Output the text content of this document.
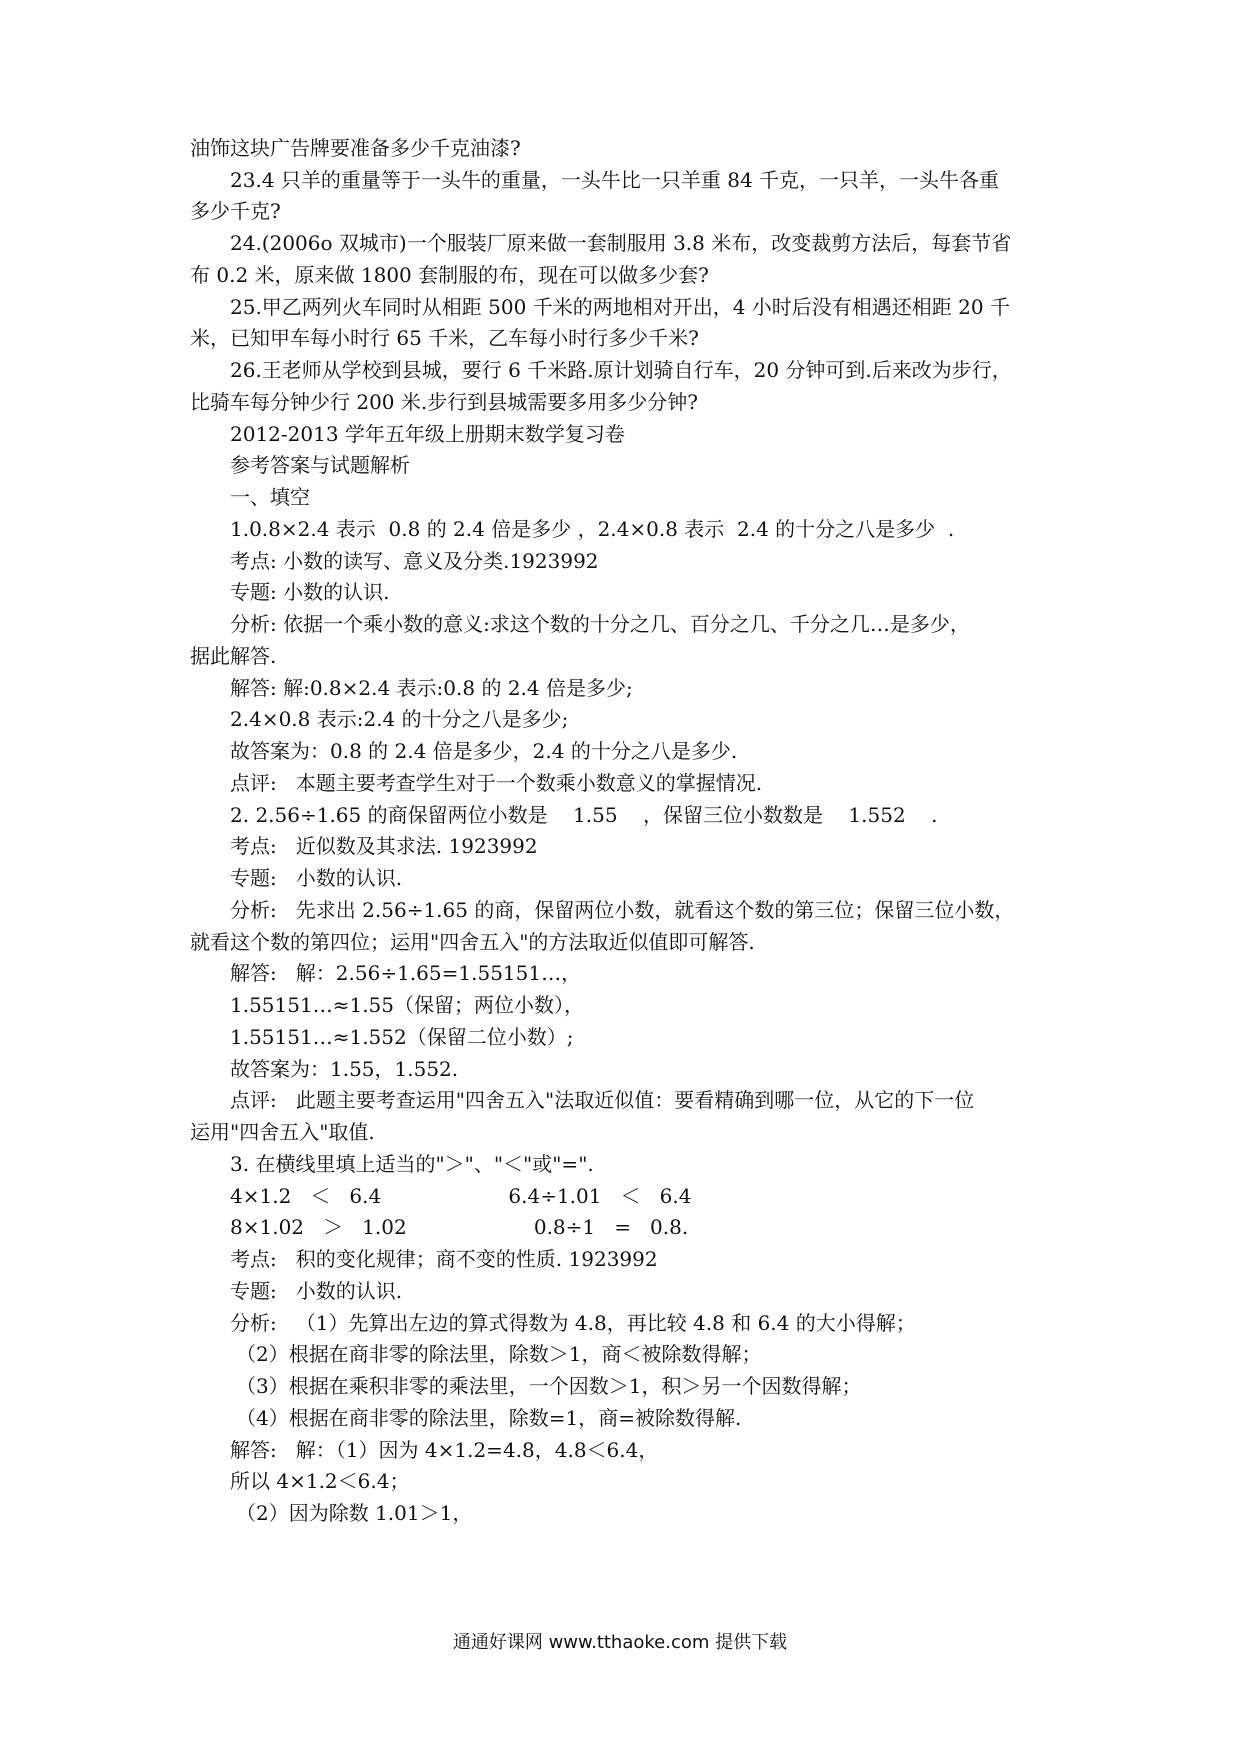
油饰这块广告牌要准备多少千克油漆?
23.4 只羊的重量等于一头牛的重量，一头牛比一只羊重 84 千克，一只羊，一头牛各重
多少千克?
24.(2006o 双城市)一个服装厂原来做一套制服用 3.8 米布，改变裁剪方法后，每套节省
布 0.2 米，原来做 1800 套制服的布，现在可以做多少套?
25.甲乙两列火车同时从相距 500 千米的两地相对开出，4 小时后没有相遇还相距 20 千
米，已知甲车每小时行 65 千米，乙车每小时行多少千米?
26.王老师从学校到县城，要行 6 千米路.原计划骑自行车，20 分钟可到.后来改为步行，
比骑车每分钟少行 200 米.步行到县城需要多用多少分钟?
2012-2013 学年五年级上册期末数学复习卷
参考答案与试题解析
一、填空
1.0.8×2.4 表示  0.8 的 2.4 倍是多少 ，2.4×0.8 表示  2.4 的十分之八是多少  .
考点: 小数的读写、意义及分类.1923992
专题: 小数的认识.
分析: 依据一个乘小数的意义:求这个数的十分之几、百分之几、千分之几…是多少，
据此解答.
解答: 解:0.8×2.4 表示:0.8 的 2.4 倍是多少;
2.4×0.8 表示:2.4 的十分之八是多少;
故答案为：0.8 的 2.4 倍是多少，2.4 的十分之八是多少.
点评:   本题主要考查学生对于一个数乘小数意义的掌握情况.
2. 2.56÷1.65 的商保留两位小数是    1.55    ，保留三位小数数是    1.552    .
考点:   近似数及其求法. 1923992
专题:   小数的认识.
分析:   先求出 2.56÷1.65 的商，保留两位小数，就看这个数的第三位；保留三位小数，
就看这个数的第四位；运用"四舍五入"的方法取近似值即可解答.
解答:   解：2.56÷1.65=1.55151…，
1.55151…≈1.55（保留；两位小数），
1.55151…≈1.552（保留二位小数）;
故答案为：1.55，1.552.
点评:   此题主要考查运用"四舍五入"法取近似值：要看精确到哪一位，从它的下一位
运用"四舍五入"取值.
3. 在横线里填上适当的"＞"、"＜"或"=".
4×1.2   ＜   6.4                    6.4÷1.01   ＜   6.4
8×1.02   ＞   1.02                    0.8÷1   =   0.8.
考点:   积的变化规律；商不变的性质. 1923992
专题:   小数的认识.
分析:   （1）先算出左边的算式得数为 4.8，再比较 4.8 和 6.4 的大小得解；
（2）根据在商非零的除法里，除数＞1，商＜被除数得解；
（3）根据在乘积非零的乘法里，一个因数＞1，积＞另一个因数得解；
（4）根据在商非零的除法里，除数=1，商=被除数得解.
解答:   解：（1）因为 4×1.2=4.8，4.8＜6.4，
所以 4×1.2＜6.4；
（2）因为除数 1.01＞1，
通通好课网 www.tthaoke.com 提供下载
